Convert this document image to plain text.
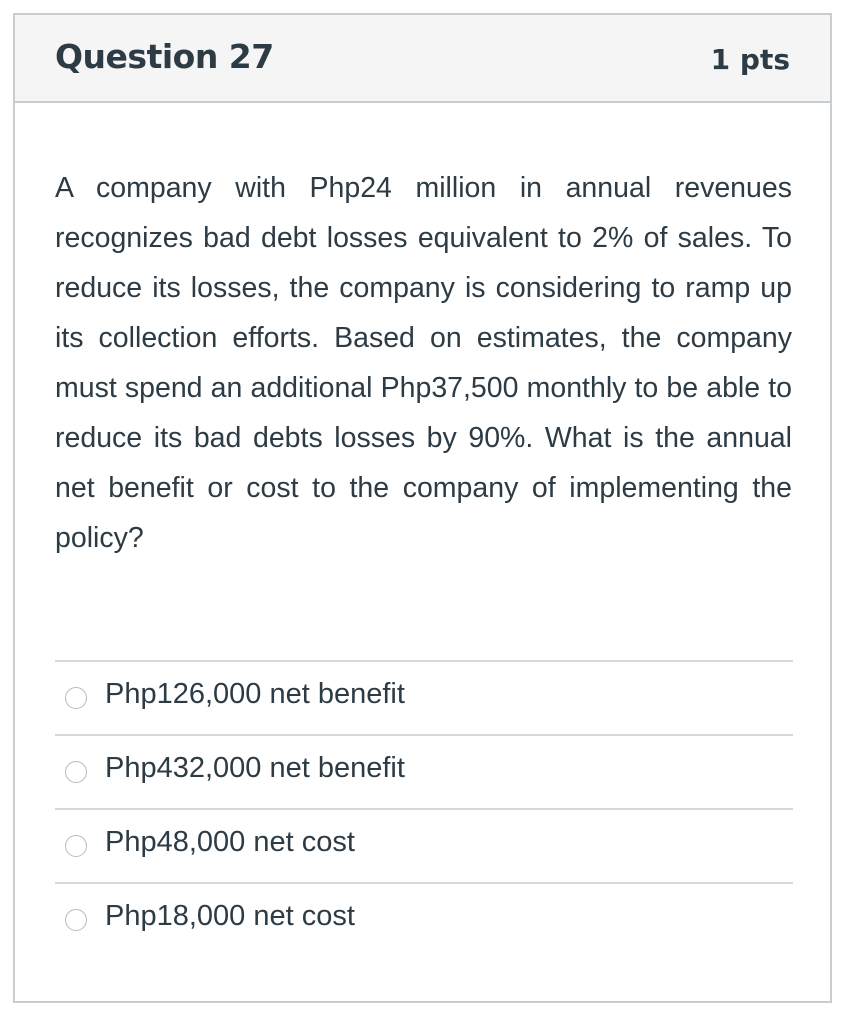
Question 27	1 pts
A company with Php24 million in annual revenues recognizes bad debt losses equivalent to 2% of sales. To reduce its losses, the company is considering to ramp up its collection efforts. Based on estimates, the company must spend an additional Php37,500 monthly to be able to reduce its bad debts losses by 90%. What is the annual net benefit or cost to the company of implementing the policy?
Php126,000 net benefit
Php432,000 net benefit
Php48,000 net cost
Php18,000 net cost
